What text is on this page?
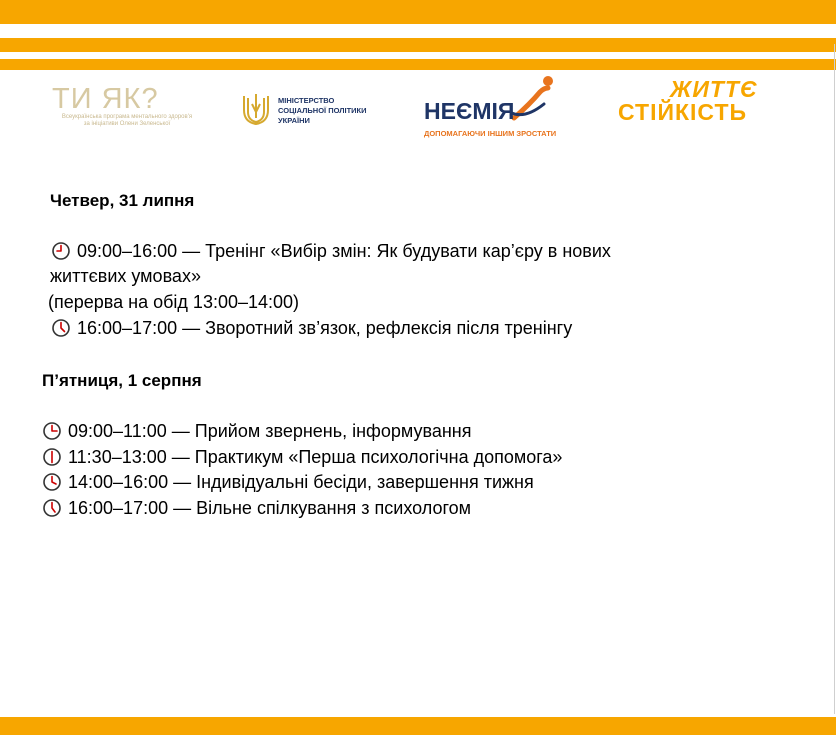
ТИ ЯК?
Всеукраїнська програма ментального здоров'я
за ініціативи Олени Зеленської
МІНІСТЕРСТВО
СОЦІАЛЬНОЇ ПОЛІТИКИ
УКРАЇНИ	НЕЄМІЯ
ДОПОМАГАЮЧИ ІНШИМ ЗРОСТАТИ
ЖИТТЄ
СТІЙКІСТЬ
Четвер, 31 липня
09:00–16:00 — Тренінг «Вибір змін: Як будувати кар’єру в нових
життєвих умовах»
(перерва на обід 13:00–14:00)
16:00–17:00 — Зворотний зв’язок, рефлексія після тренінгу
П’ятниця, 1 серпня
09:00–11:00 — Прийом звернень, інформування
11:30–13:00 — Практикум «Перша психологічна допомога»
14:00–16:00 — Індивідуальні бесіди, завершення тижня
16:00–17:00 — Вільне спілкування з психологом
